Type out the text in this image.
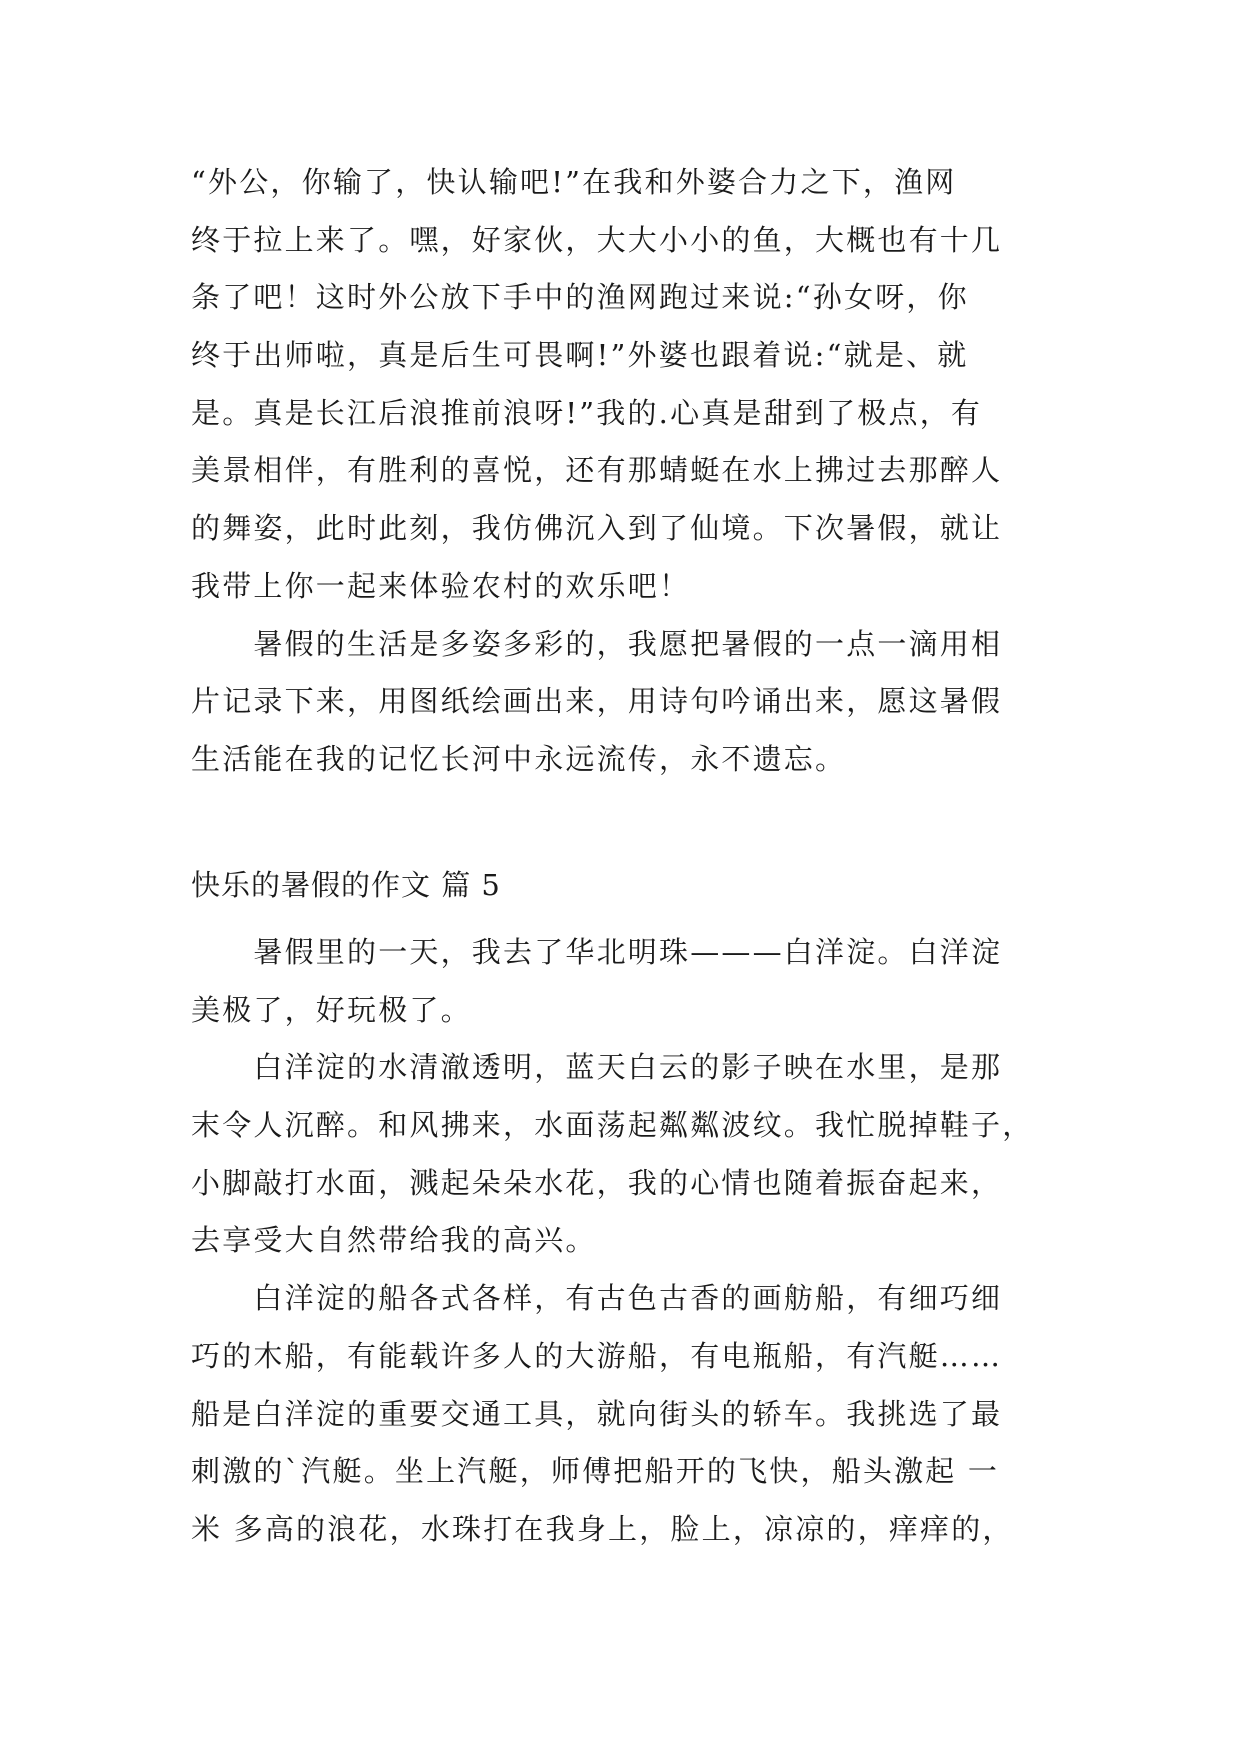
“外公，你输了，快认输吧!”在我和外婆合力之下，渔网
终于拉上来了。嘿，好家伙，大大小小的鱼，大概也有十几
条了吧！这时外公放下手中的渔网跑过来说:“孙女呀，你
终于出师啦，真是后生可畏啊!”外婆也跟着说:“就是、就
是。真是长江后浪推前浪呀!”我的.心真是甜到了极点，有
美景相伴，有胜利的喜悦，还有那蜻蜓在水上拂过去那醉人
的舞姿，此时此刻，我仿佛沉入到了仙境。下次暑假，就让
我带上你一起来体验农村的欢乐吧！
　　暑假的生活是多姿多彩的，我愿把暑假的一点一滴用相
片记录下来，用图纸绘画出来，用诗句吟诵出来，愿这暑假
生活能在我的记忆长河中永远流传，永不遗忘。
快乐的暑假的作文 篇 5
　　暑假里的一天，我去了华北明珠———白洋淀。白洋淀
美极了，好玩极了。
　　白洋淀的水清澈透明，蓝天白云的影子映在水里，是那
末令人沉醉。和风拂来，水面荡起粼粼波纹。我忙脱掉鞋子，
小脚敲打水面，溅起朵朵水花，我的心情也随着振奋起来，
去享受大自然带给我的高兴。
　　白洋淀的船各式各样，有古色古香的画舫船，有细巧细
巧的木船，有能载许多人的大游船，有电瓶船，有汽艇……
船是白洋淀的重要交通工具，就向街头的轿车。我挑选了最
刺激的`汽艇。坐上汽艇，师傅把船开的飞快，船头激起 一
米 多高的浪花，水珠打在我身上，脸上，凉凉的，痒痒的，
